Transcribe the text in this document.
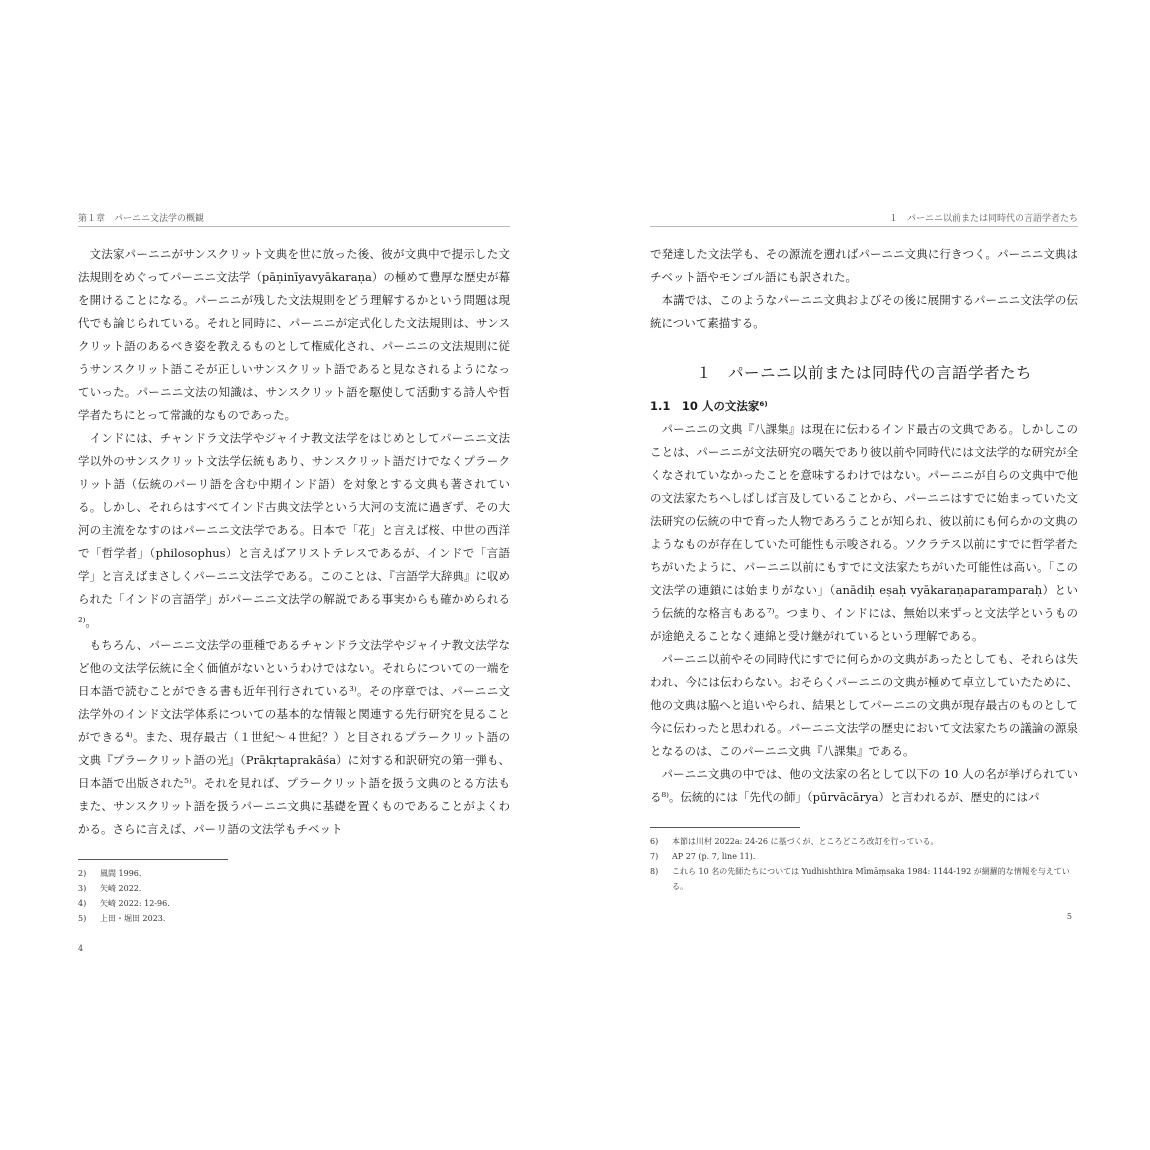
第１章　パーニニ文法学の概観

文法家パーニニがサンスクリット文典を世に放った後、彼が文典中で提示した文法規則をめぐってパーニニ文法学（pāṇinīyavyākaraṇa）の極めて豊厚な歴史が幕を開けることになる。パーニニが残した文法規則をどう理解するかという問題は現代でも論じられている。それと同時に、パーニニが定式化した文法規則は、サンスクリット語のあるべき姿を教えるものとして権威化され、パーニニの文法規則に従うサンスクリット語こそが正しいサンスクリット語であると見なされるようになっていった。パーニニ文法の知識は、サンスクリット語を駆使して活動する詩人や哲学者たちにとって常識的なものであった。

インドには、チャンドラ文法学やジャイナ教文法学をはじめとしてパーニニ文法学以外のサンスクリット文法学伝統もあり、サンスクリット語だけでなくプラークリット語（伝統のパーリ語を含む中期インド語）を対象とする文典も著されている。しかし、それらはすべてインド古典文法学という大河の支流に過ぎず、その大河の主流をなすのはパーニニ文法学である。日本で「花」と言えば桜、中世の西洋で「哲学者」（philosophus）と言えばアリストテレスであるが、インドで「言語学」と言えばまさしくパーニニ文法学である。このことは、『言語学大辞典』に収められた「インドの言語学」がパーニニ文法学の解説である事実からも確かめられる²⁾。

もちろん、パーニニ文法学の亜種であるチャンドラ文法学やジャイナ教文法学など他の文法学伝統に全く価値がないというわけではない。それらについての一端を日本語で読むことができる書も近年刊行されている³⁾。その序章では、パーニニ文法学外のインド文法学体系についての基本的な情報と関連する先行研究を見ることができる⁴⁾。また、現存最古（１世紀〜４世紀？）と目されるプラークリット語の文典『プラークリット語の光』（Prākṛtaprakāśa）に対する和訳研究の第一弾も、日本語で出版された⁵⁾。それを見れば、プラークリット語を扱う文典のとる方法もまた、サンスクリット語を扱うパーニニ文典に基礎を置くものであることがよくわかる。さらに言えば、パーリ語の文法学もチベット

2)	風間 1996.
3)	矢崎 2022.
4)	矢崎 2022: 12-96.
5)	上田・堀田 2023.
4
１　パーニニ以前または同時代の言語学者たち

で発達した文法学も、その源流を遡ればパーニニ文典に行きつく。パーニニ文典はチベット語やモンゴル語にも訳された。

本講では、このようなパーニニ文典およびその後に展開するパーニニ文法学の伝統について素描する。

１　パーニニ以前または同時代の言語学者たち
1.1　10 人の文法家⁶⁾

パーニニの文典『八課集』は現在に伝わるインド最古の文典である。しかしこのことは、パーニニが文法研究の嚆矢であり彼以前や同時代には文法学的な研究が全くなされていなかったことを意味するわけではない。パーニニが自らの文典中で他の文法家たちへしばしば言及していることから、パーニニはすでに始まっていた文法研究の伝統の中で育った人物であろうことが知られ、彼以前にも何らかの文典のようなものが存在していた可能性も示唆される。ソクラテス以前にすでに哲学者たちがいたように、パーニニ以前にもすでに文法家たちがいた可能性は高い。「この文法学の連鎖には始まりがない」（anādiḥ eṣaḥ vyākaraṇaparamparaḥ）という伝統的な格言もある⁷⁾。つまり、インドには、無始以来ずっと文法学というものが途絶えることなく連綿と受け継がれているという理解である。

パーニニ以前やその同時代にすでに何らかの文典があったとしても、それらは失われ、今には伝わらない。おそらくパーニニの文典が極めて卓立していたために、他の文典は脇へと追いやられ、結果としてパーニニの文典が現存最古のものとして今に伝わったと思われる。パーニニ文法学の歴史において文法家たちの議論の源泉となるのは、このパーニニ文典『八課集』である。

パーニニ文典の中では、他の文法家の名として以下の 10 人の名が挙げられている⁸⁾。伝統的には「先代の師」（pūrvācārya）と言われるが、歴史的にはパ

6)	本節は川村 2022a: 24-26 に基づくが、ところどころ改訂を行っている。
7)	AP 27 (p. 7, line 11).
8)	これら 10 名の先師たちについては Yudhishthira Mīmāṃsaka 1984: 1144-192 が網羅的な情報を与えている。
5
